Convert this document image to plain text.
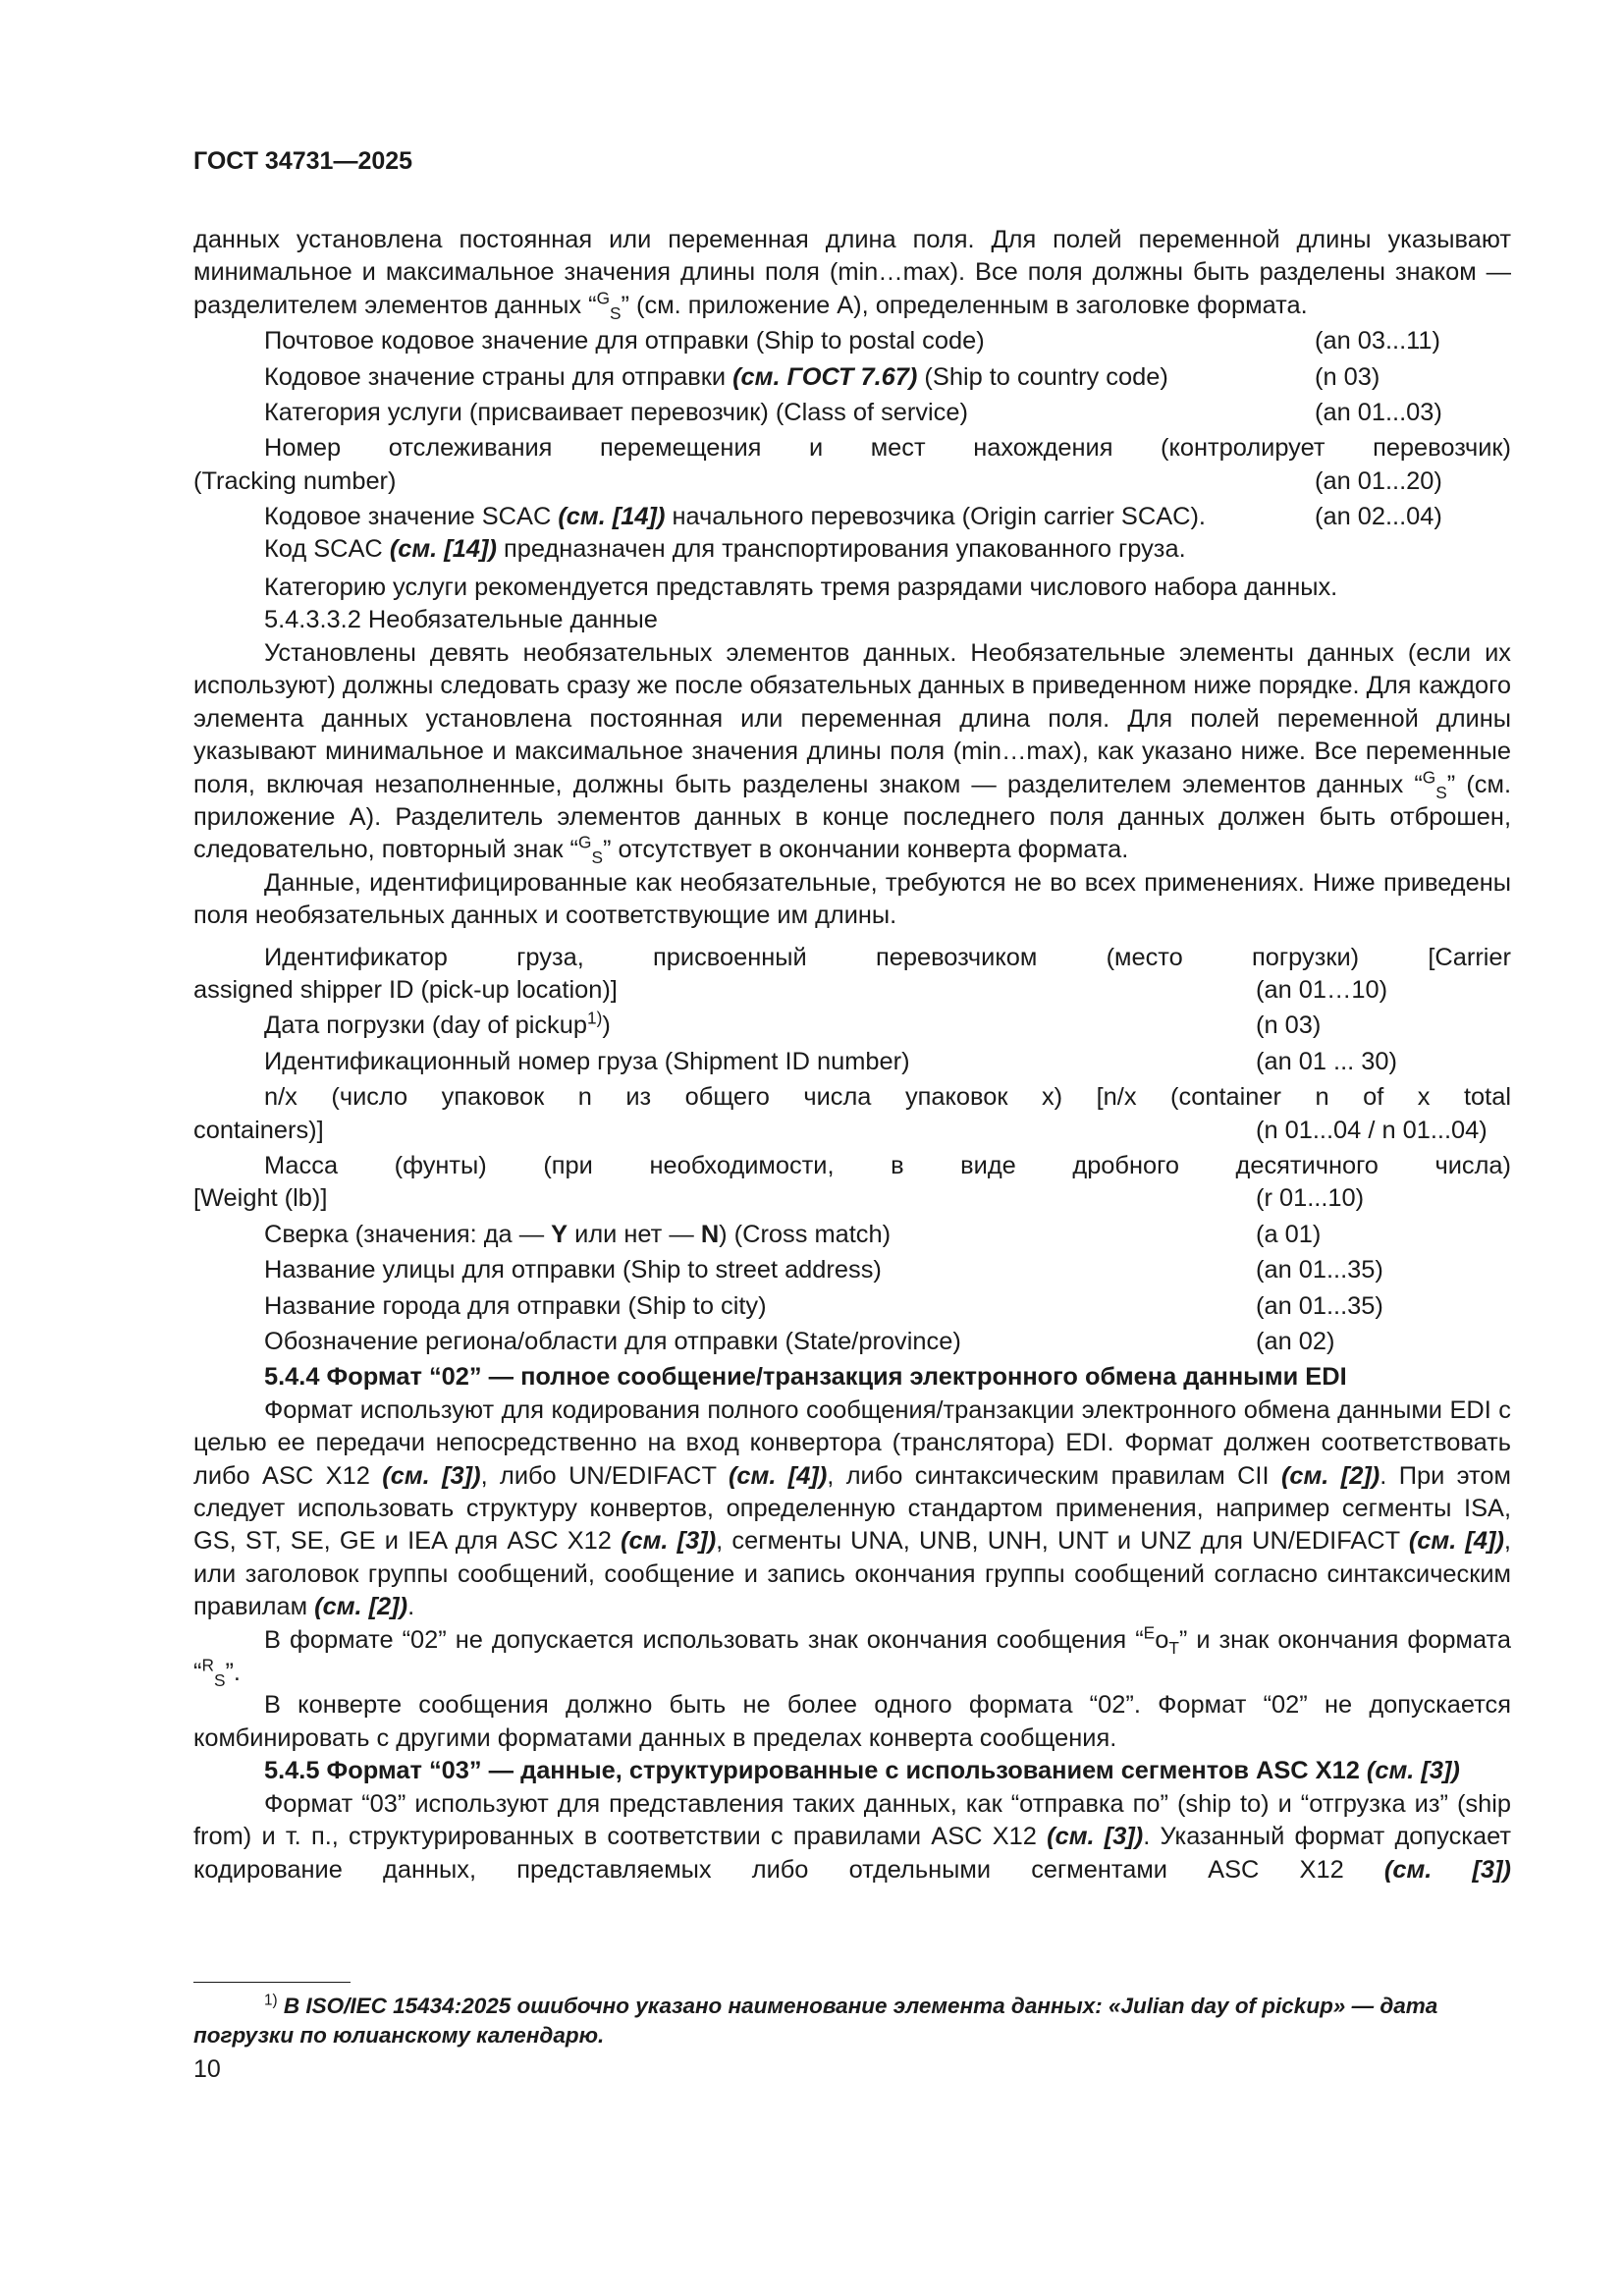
ГОСТ 34731—2025

данных установлена постоянная или переменная длина поля. Для полей переменной длины указывают минимальное и максимальное значения длины поля (min…max). Все поля должны быть разделены знаком — разделителем элементов данных “$^G_S$” (см. приложение А), определенным в заголовке формата.

Почтовое кодовое значение для отправки (Ship to postal code)	(an 03...11)
Кодовое значение страны для отправки (см. ГОСТ 7.67) (Ship to country code)	(n 03)
Категория услуги (присваивает перевозчик) (Class of service)	(an 01...03)
Номер отслеживания перемещения и мест нахождения (контролирует перевозчик)
(Tracking number)	(an 01...20)
Кодовое значение SCAC (см. [14]) начального перевозчика (Origin carrier SCAC).	(an 02...04)

Код SCAC (см. [14]) предназначен для транспортирования упакованного груза.

Категорию услуги рекомендуется представлять тремя разрядами числового набора данных.

5.4.3.3.2 Необязательные данные

Установлены девять необязательных элементов данных. Необязательные элементы данных (если их используют) должны следовать сразу же после обязательных данных в приведенном ниже порядке. Для каждого элемента данных установлена постоянная или переменная длина поля. Для полей переменной длины указывают минимальное и максимальное значения длины поля (min…max), как указано ниже. Все переменные поля, включая незаполненные, должны быть разделены знаком — разделителем элементов данных “$^G_S$” (см. приложение А). Разделитель элементов данных в конце последнего поля данных должен быть отброшен, следовательно, повторный знак “$^G_S$” отсутствует в окончании конверта формата.

Данные, идентифицированные как необязательные, требуются не во всех применениях. Ниже приведены поля необязательных данных и соответствующие им длины.

Идентификатор груза, присвоенный перевозчиком (место погрузки) [Carrier
assigned shipper ID (pick-up location)]	(an 01…10)
Дата погрузки (day of pickup$^{1)}$)	(n 03)
Идентификационный номер груза (Shipment ID number)	(an 01 ... 30)
n/x (число упаковок n из общего числа упаковок x) [n/x (container n of x total
containers)]	(n 01...04 / n 01...04)
Масса (фунты) (при необходимости, в виде дробного десятичного числа)
[Weight (lb)]	(r 01...10)
Сверка (значения: да — Y или нет — N) (Cross match)	(a 01)
Название улицы для отправки (Ship to street address)	(an 01...35)
Название города для отправки (Ship to city)	(an 01...35)
Обозначение региона/области для отправки (State/province)	(an 02)

5.4.4 Формат “02” — полное сообщение/транзакция электронного обмена данными EDI

Формат используют для кодирования полного сообщения/транзакции электронного обмена данными EDI с целью ее передачи непосредственно на вход конвертора (транслятора) EDI. Формат должен соответствовать либо ASC X12 (см. [3]), либо UN/EDIFACT (см. [4]), либо синтаксическим правилам CII (см. [2]). При этом следует использовать структуру конвертов, определенную стандартом применения, например сегменты ISA, GS, ST, SE, GE и IEA для ASC X12 (см. [3]), сегменты UNA, UNB, UNH, UNT и UNZ для UN/EDIFACT (см. [4]), или заголовок группы сообщений, сообщение и запись окончания группы сообщений согласно синтаксическим правилам (см. [2]).

В формате “02” не допускается использовать знак окончания сообщения “$^Eo_T$” и знак окончания формата “$^R_S$”.

В конверте сообщения должно быть не более одного формата “02”. Формат “02” не допускается комбинировать с другими форматами данных в пределах конверта сообщения.

5.4.5 Формат “03” — данные, структурированные с использованием сегментов ASC X12 (см. [3])

Формат “03” используют для представления таких данных, как “отправка по” (ship to) и “отгрузка из” (ship from) и т. п., структурированных в соответствии с правилами ASC X12 (см. [3]). Указанный формат допускает кодирование данных, представляемых либо отдельными сегментами ASC X12 (см. [3])

$^{1)}$ В ISO/IEC 15434:2025 ошибочно указано наименование элемента данных: «Julian day of pickup» — дата погрузки по юлианскому календарю.
10
